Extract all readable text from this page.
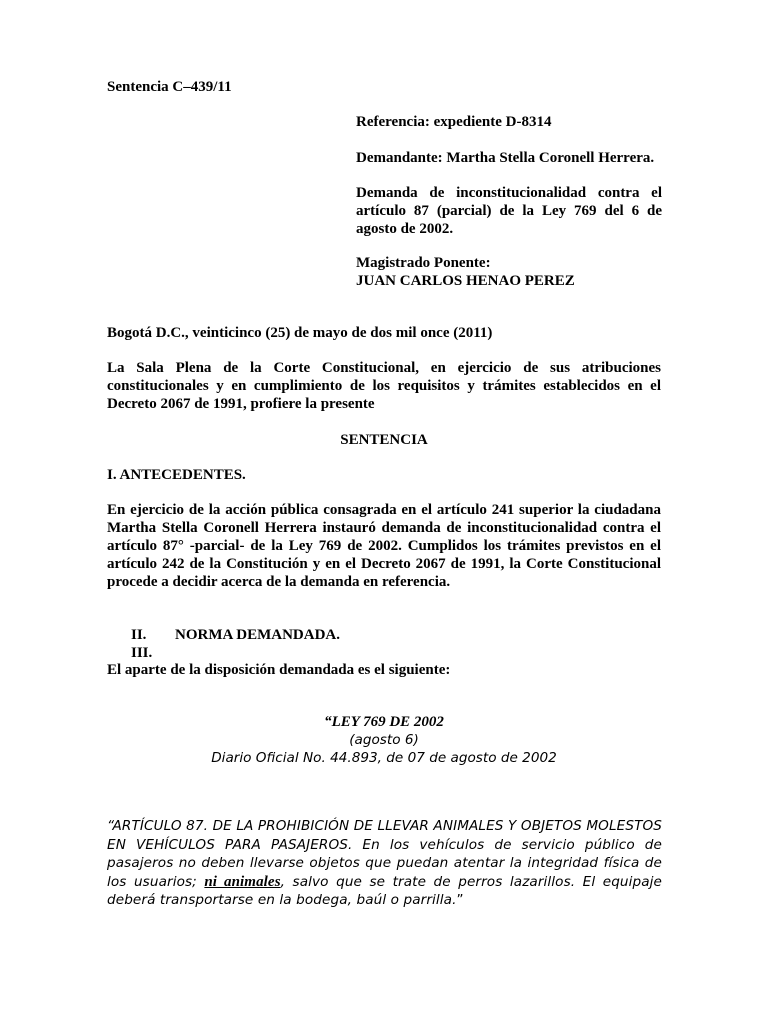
Sentencia C–439/11
Referencia: expediente D-8314
Demandante: Martha Stella Coronell Herrera.
Demanda de inconstitucionalidad contra el artículo 87 (parcial) de la Ley 769 del 6 de agosto de 2002.
Magistrado Ponente:
JUAN CARLOS HENAO PEREZ
Bogotá D.C., veinticinco (25) de mayo de dos mil once (2011)
La Sala Plena de la Corte Constitucional, en ejercicio de sus atribuciones constitucionales y en cumplimiento de los requisitos y trámites establecidos en el Decreto 2067 de 1991, profiere la presente
SENTENCIA
I. ANTECEDENTES.
En ejercicio de la acción pública consagrada en el artículo 241 superior la ciudadana Martha Stella Coronell Herrera instauró demanda de inconstitucionalidad contra el artículo 87° -parcial- de la Ley 769 de 2002. Cumplidos los trámites previstos en el artículo 242 de la Constitución y en el Decreto 2067 de 1991, la Corte Constitucional procede a decidir acerca de la demanda en referencia.
II. NORMA DEMANDADA.
III.
El aparte de la disposición demandada es el siguiente:
“LEY 769 DE 2002
(agosto 6)
Diario Oficial No. 44.893, de 07 de agosto de 2002
“ARTÍCULO 87. DE LA PROHIBICIÓN DE LLEVAR ANIMALES Y OBJETOS MOLESTOS EN VEHÍCULOS PARA PASAJEROS. En los vehículos de servicio público de pasajeros no deben llevarse objetos que puedan atentar la integridad física de los usuarios; ni animales, salvo que se trate de perros lazarillos. El equipaje deberá transportarse en la bodega, baúl o parrilla.”
